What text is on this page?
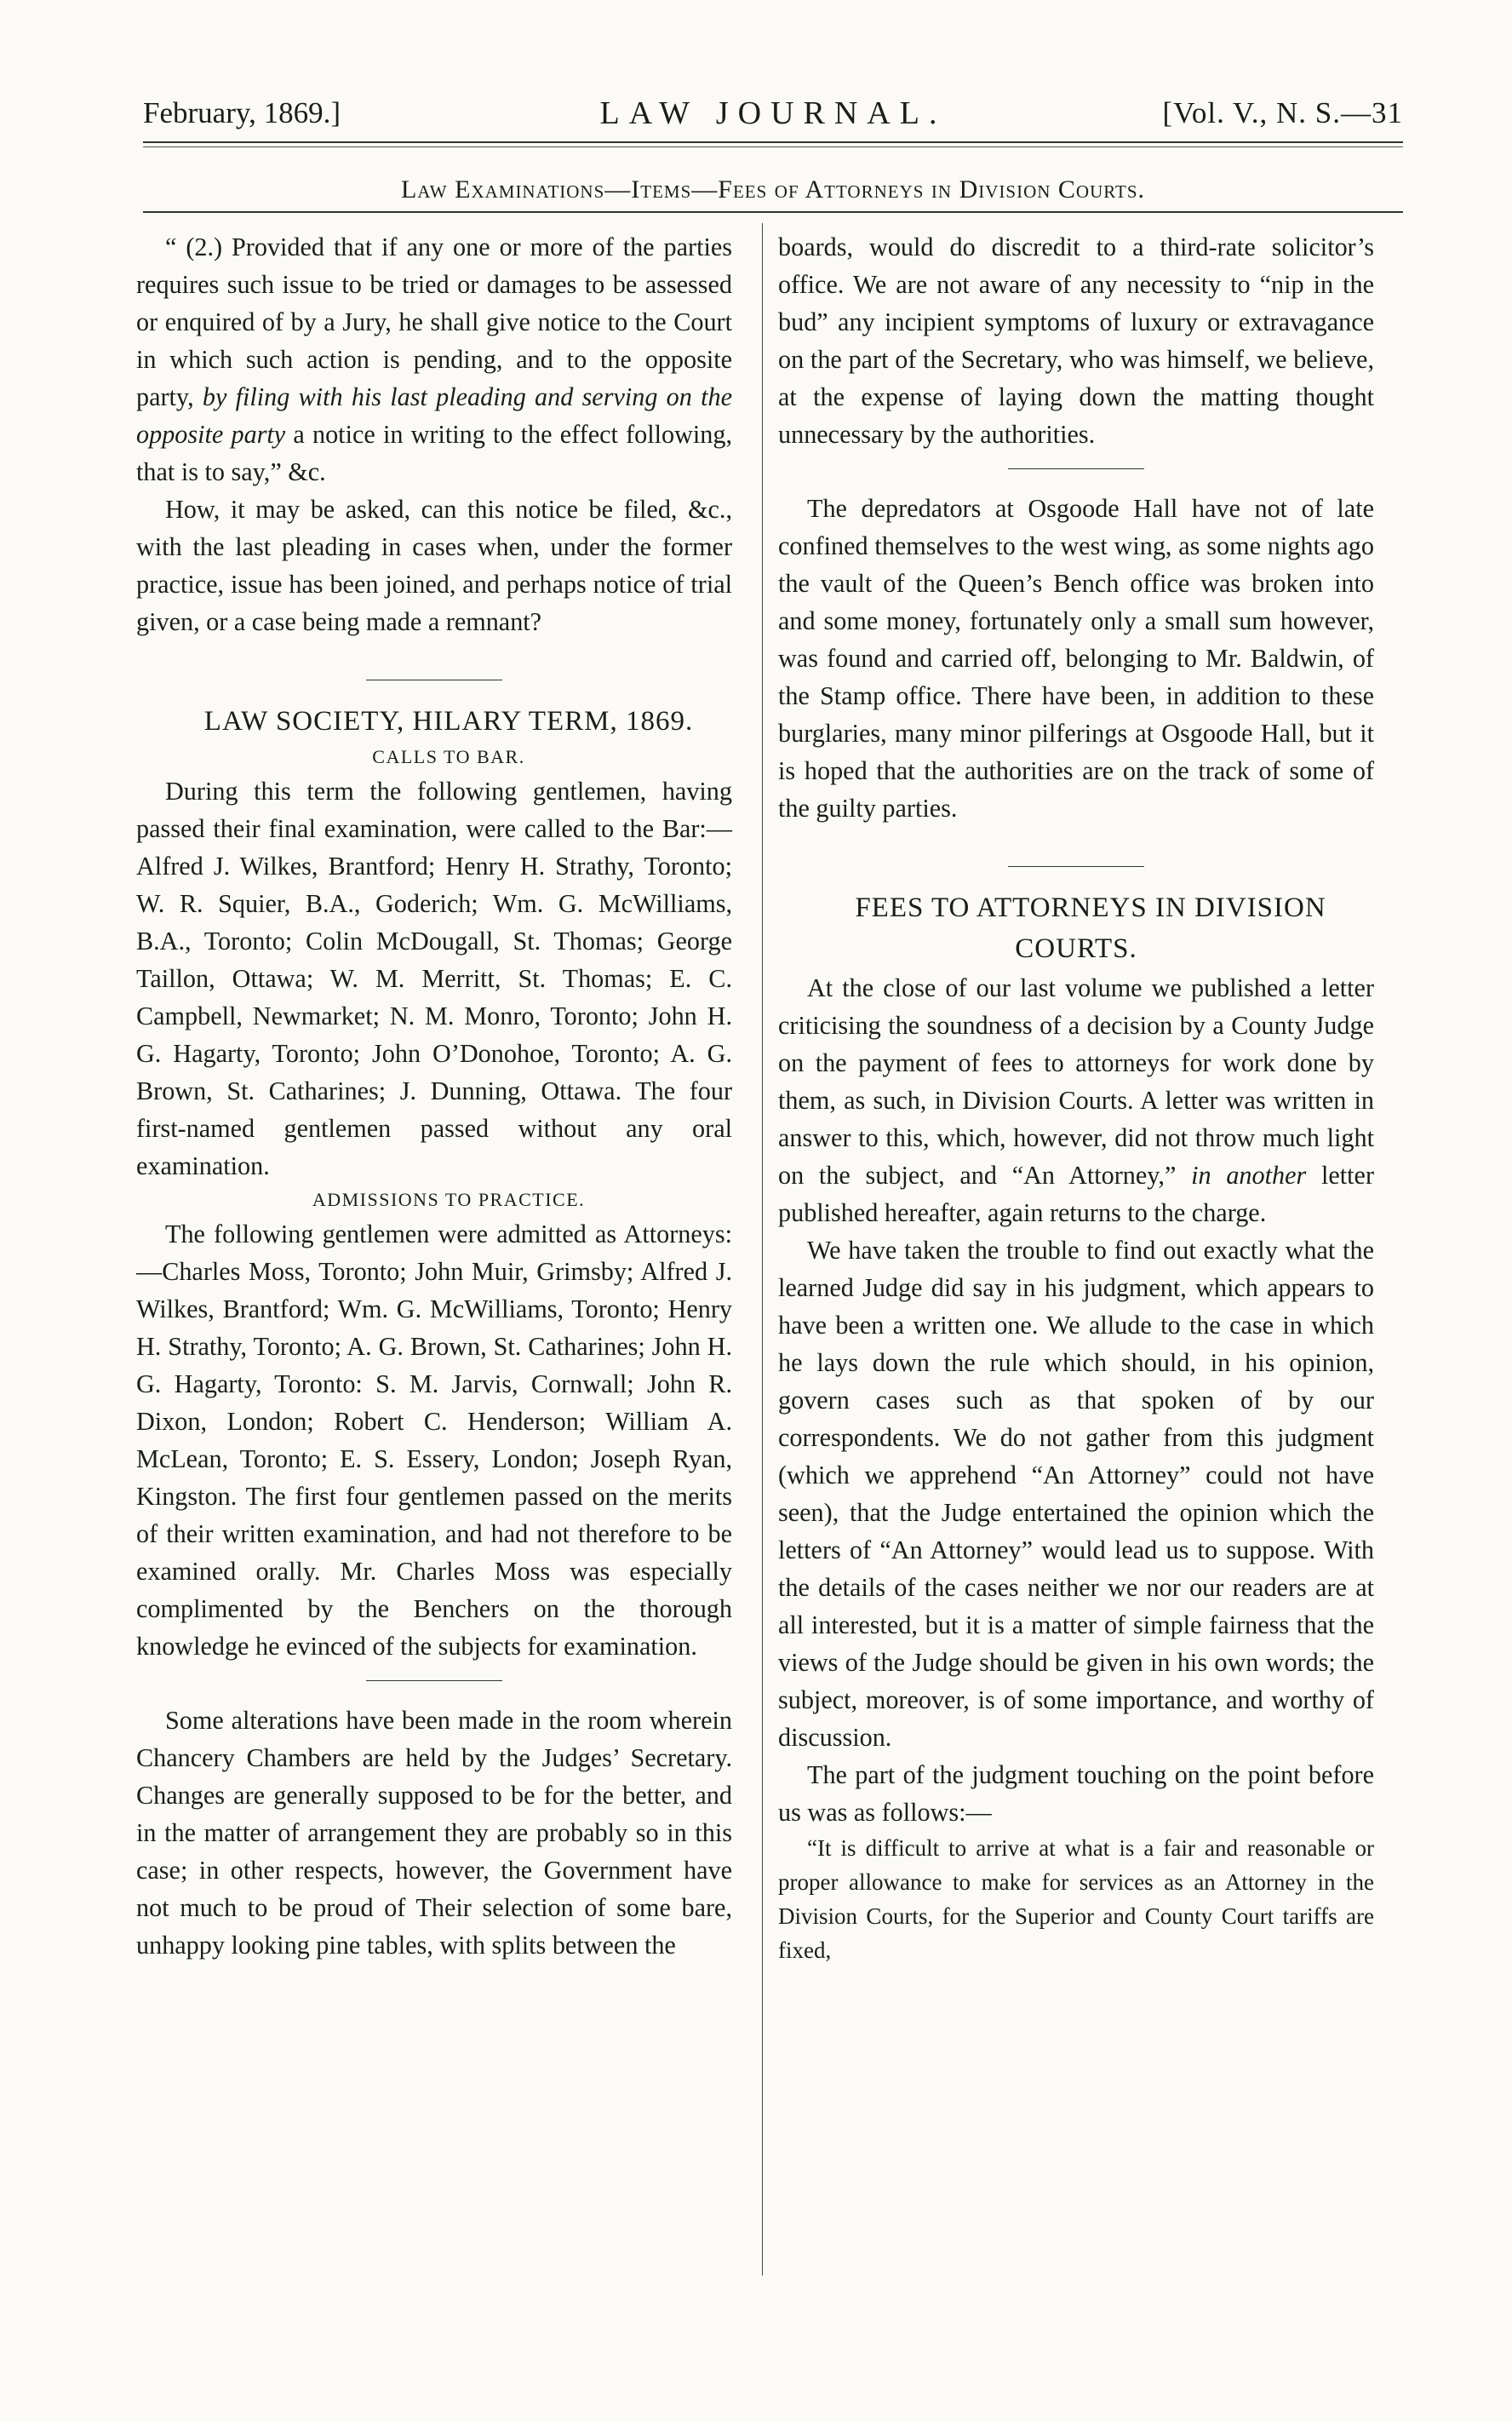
February, 1869.]	LAW JOURNAL.	[Vol. V., N. S.—31
Law Examinations—Items—Fees of Attorneys in Division Courts.

“ (2.) Provided that if any one or more of the parties requires such issue to be tried or damages to be assessed or enquired of by a Jury, he shall give notice to the Court in which such action is pending, and to the opposite party, by filing with his last pleading and serving on the opposite party a notice in writing to the effect following, that is to say,” &c.

How, it may be asked, can this notice be filed, &c., with the last pleading in cases when, under the former practice, issue has been joined, and perhaps notice of trial given, or a case being made a remnant?

LAW SOCIETY, HILARY TERM, 1869.

CALLS TO BAR.

During this term the following gentlemen, having passed their final examination, were called to the Bar:—Alfred J. Wilkes, Brantford; Henry H. Strathy, Toronto; W. R. Squier, B.A., Goderich; Wm. G. McWilliams, B.A., Toronto; Colin McDougall, St. Thomas; George Taillon, Ottawa; W. M. Merritt, St. Thomas; E. C. Campbell, Newmarket; N. M. Monro, Toronto; John H. G. Hagarty, Toronto; John O’Donohoe, Toronto; A. G. Brown, St. Catharines; J. Dunning, Ottawa. The four first-named gentlemen passed without any oral examination.

ADMISSIONS TO PRACTICE.

The following gentlemen were admitted as Attorneys:—Charles Moss, Toronto; John Muir, Grimsby; Alfred J. Wilkes, Brantford; Wm. G. McWilliams, Toronto; Henry H. Strathy, Toronto; A. G. Brown, St. Catharines; John H. G. Hagarty, Toronto: S. M. Jarvis, Cornwall; John R. Dixon, London; Robert C. Henderson; William A. McLean, Toronto; E. S. Essery, London; Joseph Ryan, Kingston. The first four gentlemen passed on the merits of their written examination, and had not therefore to be examined orally. Mr. Charles Moss was especially complimented by the Benchers on the thorough knowledge he evinced of the subjects for examination.

Some alterations have been made in the room wherein Chancery Chambers are held by the Judges’ Secretary. Changes are generally supposed to be for the better, and in the matter of arrangement they are probably so in this case; in other respects, however, the Government have not much to be proud of Their selection of some bare, unhappy looking pine tables, with splits between the

boards, would do discredit to a third-rate solicitor’s office. We are not aware of any necessity to “nip in the bud” any incipient symptoms of luxury or extravagance on the part of the Secretary, who was himself, we believe, at the expense of laying down the matting thought unnecessary by the authorities.

The depredators at Osgoode Hall have not of late confined themselves to the west wing, as some nights ago the vault of the Queen’s Bench office was broken into and some money, fortunately only a small sum however, was found and carried off, belonging to Mr. Baldwin, of the Stamp office. There have been, in addition to these burglaries, many minor pilferings at Osgoode Hall, but it is hoped that the authorities are on the track of some of the guilty parties.

FEES TO ATTORNEYS IN DIVISION COURTS.

At the close of our last volume we published a letter criticising the soundness of a decision by a County Judge on the payment of fees to attorneys for work done by them, as such, in Division Courts. A letter was written in answer to this, which, however, did not throw much light on the subject, and “An Attorney,” in another letter published hereafter, again returns to the charge.

We have taken the trouble to find out exactly what the learned Judge did say in his judgment, which appears to have been a written one. We allude to the case in which he lays down the rule which should, in his opinion, govern cases such as that spoken of by our correspondents. We do not gather from this judgment (which we apprehend “An Attorney” could not have seen), that the Judge entertained the opinion which the letters of “An Attorney” would lead us to suppose. With the details of the cases neither we nor our readers are at all interested, but it is a matter of simple fairness that the views of the Judge should be given in his own words; the subject, moreover, is of some importance, and worthy of discussion.

The part of the judgment touching on the point before us was as follows:—

“It is difficult to arrive at what is a fair and reasonable or proper allowance to make for services as an Attorney in the Division Courts, for the Superior and County Court tariffs are fixed,
